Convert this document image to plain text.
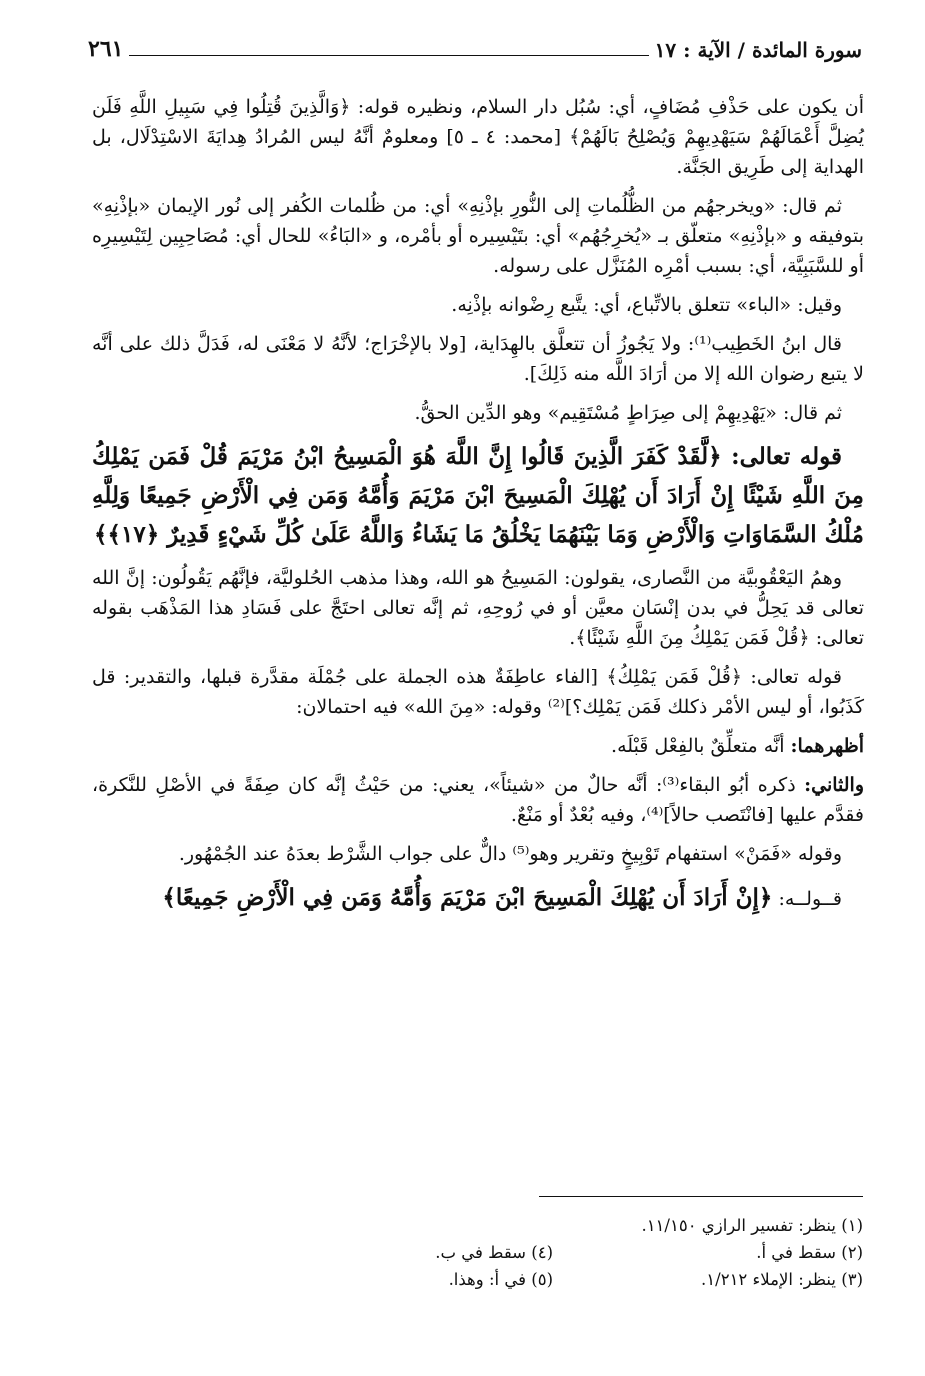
سورة المائدة / الآية : ١٧
٢٦١

أن يكون على حَذْفِ مُضَافٍ، أي: سُبُل دار السلام، ونظيره قوله: ﴿وَالَّذِينَ قُتِلُوا فِي سَبِيلِ اللَّهِ فَلَن يُضِلَّ أَعْمَالَهُمْ سَيَهْدِيهِمْ وَيُصْلِحُ بَالَهُمْ﴾ [محمد: ٤ ـ ٥] ومعلومٌ أنَّهُ ليس المُرادُ هِدايَةَ الاسْتِدْلَال، بل الهداية إلى طَرِيق الجَنَّة.

ثم قال: «ويخرجهُم من الظُّلُماتِ إلى النُّورِ بإذْنِهِ» أي: من ظُلمات الكُفر إلى نُور الإيمان «بإذْنِهِ» بتوفيقه و «بإذْنِهِ» متعلّق بـ «يُخرِجُهُم» أي: بتَيْسِيره أو بأمْره، و «البَاءُ» للحال أي: مُصَاحِبِين لِتَيْسِيرِه أو للسَّبَبِيَّة، أي: بسبب أمْرِه المُنَزَّل على رسوله.

وقيل: «الباء» تتعلق بالاتِّباع، أي: يتَّبع رِضْوانه بإذْنِه.

قال ابنُ الخَطِيب⁽¹⁾: ولا يَجُوزُ أن تتعلَّق بالهِدَاية، [ولا بالإخْرَاج؛ لأنَّهُ لا مَعْنَى له، فَدَلَّ ذلك على أنَّه لا يتبع رضوان الله إلا من أرَادَ اللَّه منه ذَلِكَ].

ثم قال: «يَهْدِيهِمْ إلى صِرَاطٍ مُسْتَقِيم» وهو الدِّين الحقُّ.

قوله تعالى: ﴿لَّقَدْ كَفَرَ الَّذِينَ قَالُوا إِنَّ اللَّهَ هُوَ الْمَسِيحُ ابْنُ مَرْيَمَ قُلْ فَمَن يَمْلِكُ مِنَ اللَّهِ شَيْئًا إِنْ أَرَادَ أَن يُهْلِكَ الْمَسِيحَ ابْنَ مَرْيَمَ وَأُمَّهُ وَمَن فِي الْأَرْضِ جَمِيعًا وَلِلَّهِ مُلْكُ السَّمَاوَاتِ وَالْأَرْضِ وَمَا بَيْنَهُمَا يَخْلُقُ مَا يَشَاءُ وَاللَّهُ عَلَىٰ كُلِّ شَيْءٍ قَدِيرٌ ﴿١٧﴾﴾

وهمُ اليَعْقُوبيَّة من النَّصارى، يقولون: المَسِيحُ هو الله، وهذا مذهب الحُلوليَّة، فإنَّهُم يَقُولُون: إنَّ الله تعالى قد يَحِلُّ في بدن إنْسَان معيَّن أو في رُوحِهِ، ثم إنَّه تعالى احتَجَّ على فَسَادِ هذا المَذْهَب بقوله تعالى: ﴿قُلْ فَمَن يَمْلِكُ مِنَ اللَّهِ شَيْئًا﴾.

قوله تعالى: ﴿قُلْ فَمَن يَمْلِكُ﴾ [الفاء عاطِفَةٌ هذه الجملة على جُمْلَة مقدَّرة قبلها، والتقدير: قل كَذَبُوا، أو ليس الأمْر ذكلك فَمَن يَمْلِك؟]⁽²⁾ وقوله: «مِنَ الله» فيه احتمالان:

أظهرهما: أنَّه متعلِّقٌ بالفِعْل قَبْلَه.

والثاني: ذكره أبُو البقاء⁽³⁾: أنَّه حالٌ من «شيئاً»، يعني: من حَيْثُ إنَّه كان صِفَةً في الأصْلِ للنَّكرة، فقدَّم عليها [فانْتَصب حالاً]⁽⁴⁾، وفيه بُعْدٌ أو مَنْعٌ.

وقوله «فَمَنْ» استفهام تَوْبِيخٍ وتقرير وهو⁽⁵⁾ دالٌّ على جواب الشَّرْط بعدَهُ عند الجُمْهُور.

قــولــه: ﴿إِنْ أَرَادَ أَن يُهْلِكَ الْمَسِيحَ ابْنَ مَرْيَمَ وَأُمَّهُ وَمَن فِي الْأَرْضِ جَمِيعًا﴾

(١) ينظر: تفسير الرازي ١١/١٥٠.
(٢) سقط في أ.
(٤) سقط في ب.
(٣) ينظر: الإملاء ١/٢١٢.
(٥) في أ: وهذا.
